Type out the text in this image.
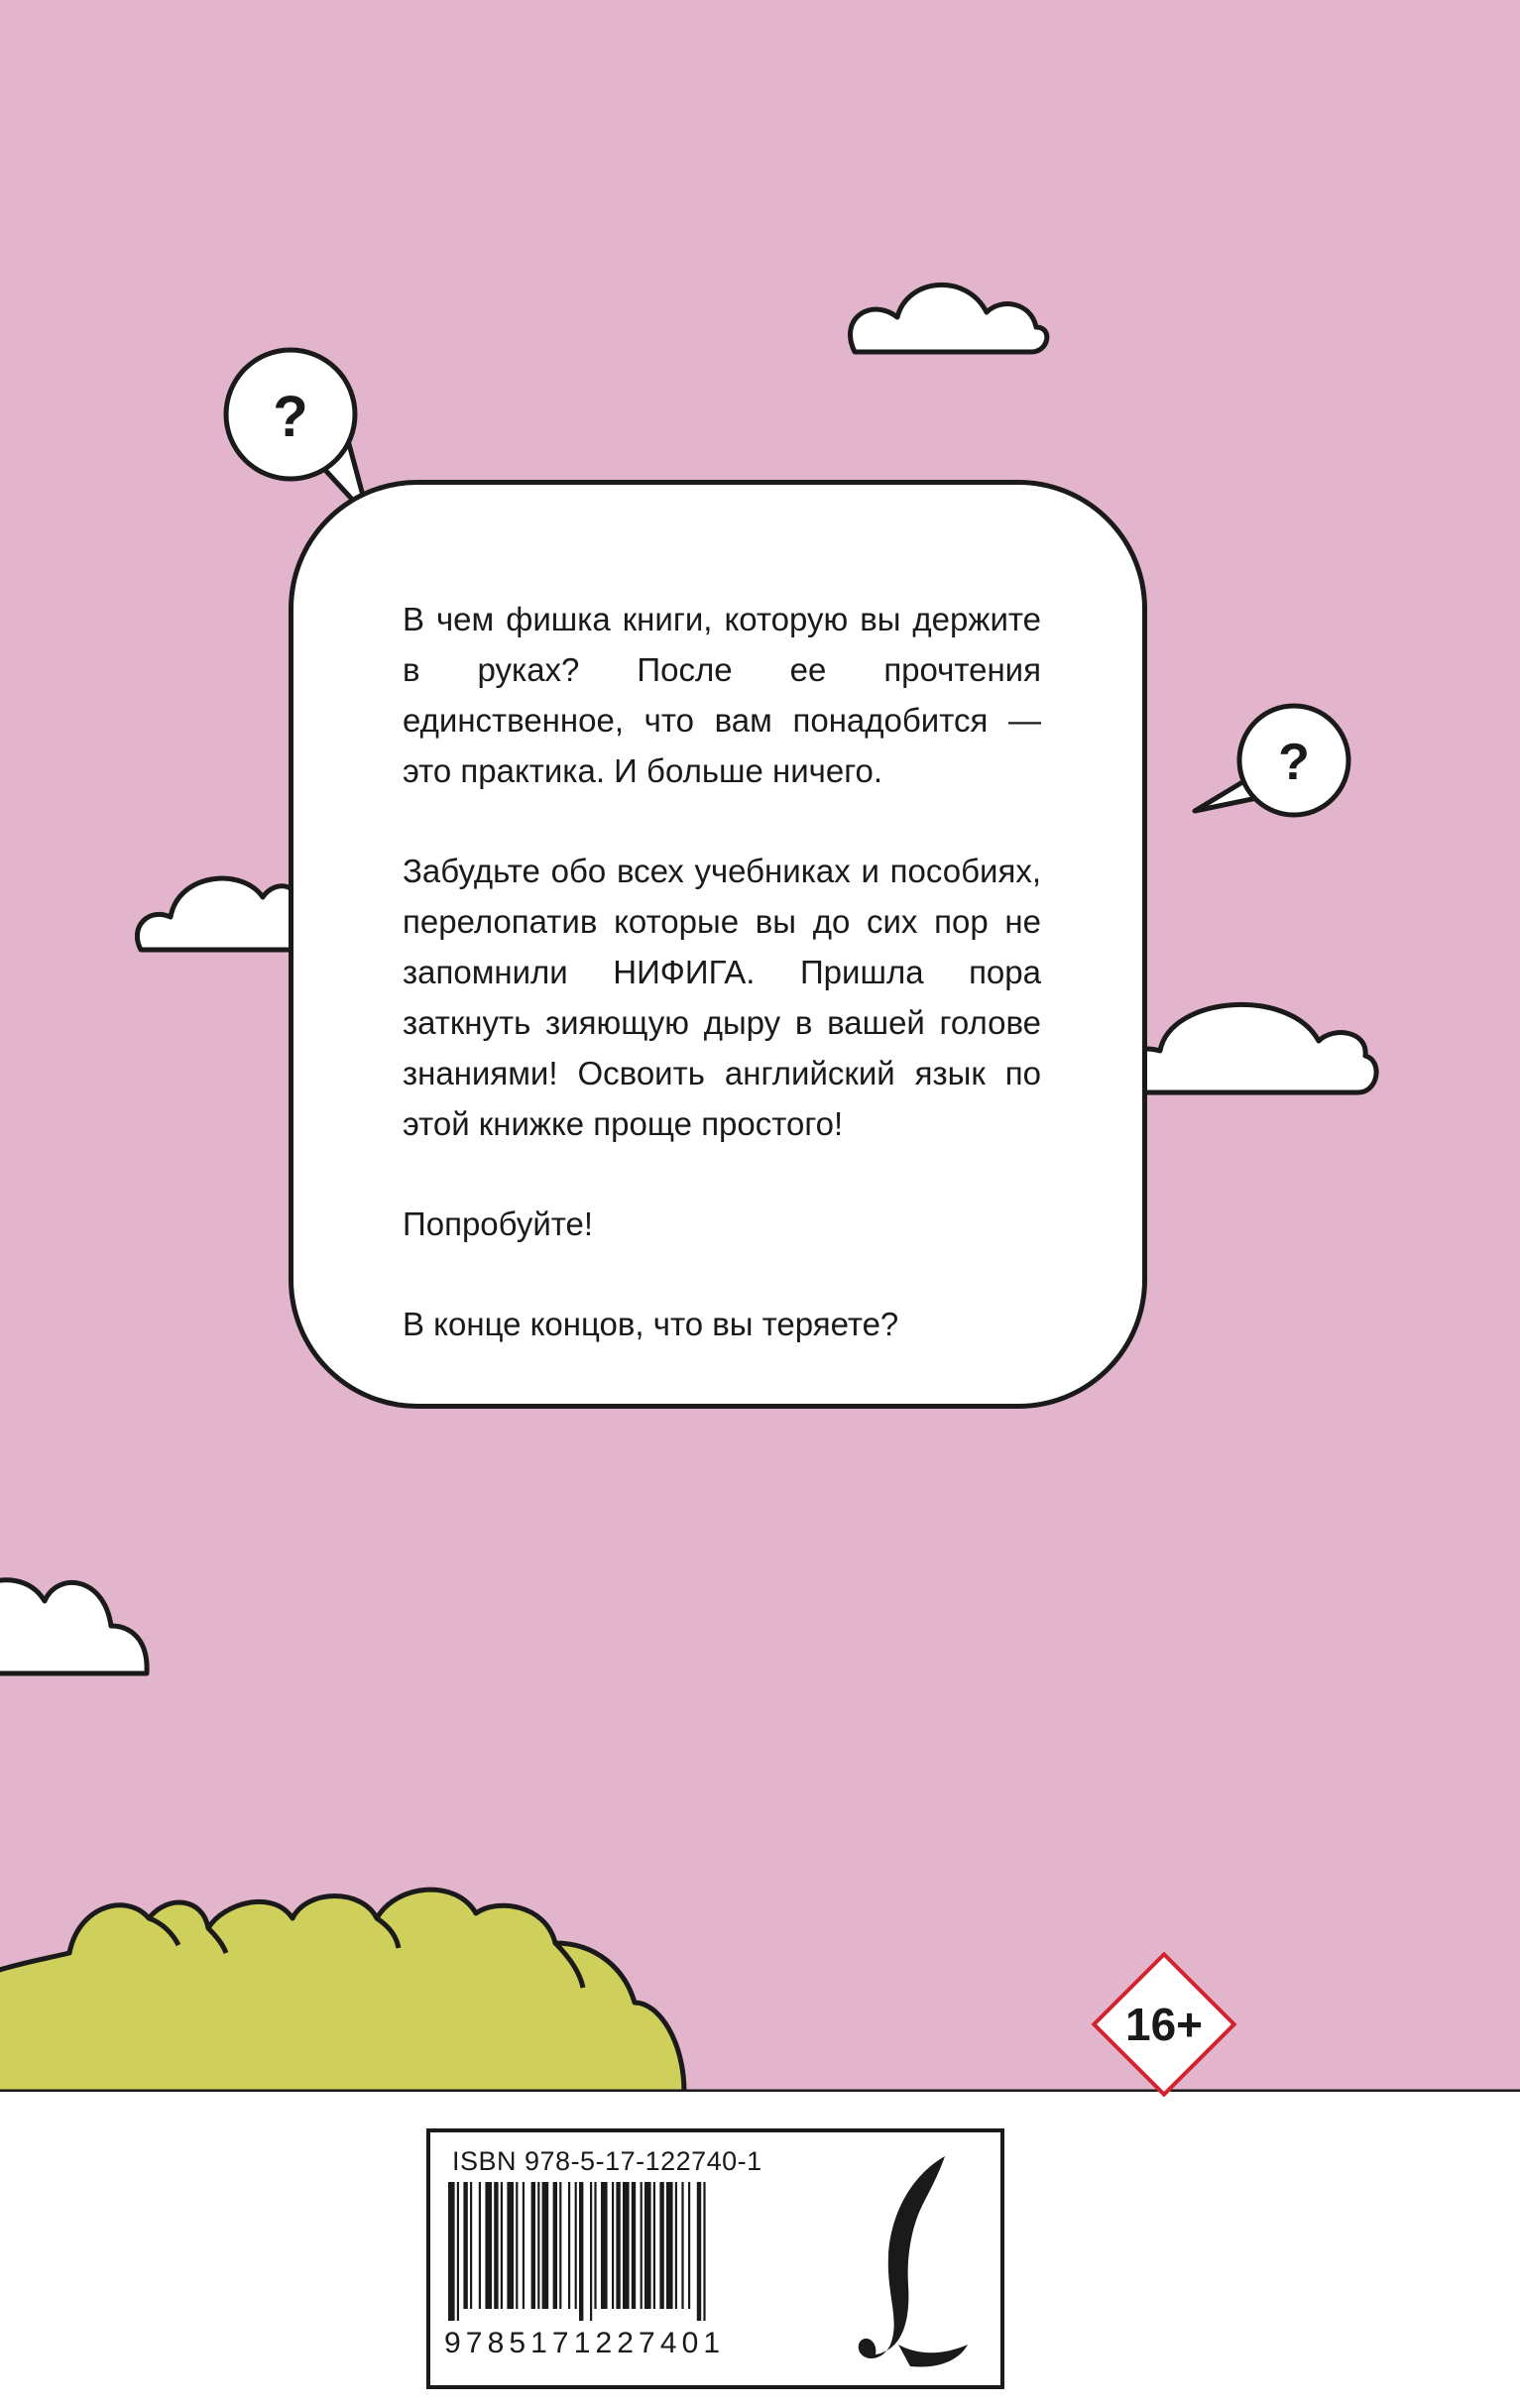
?
?

В чем фишка книги, которую вы держите в руках? После ее прочтения единственное, что вам понадобится — это практика. И больше ничего.

Забудьте обо всех учебниках и пособиях, перелопатив которые вы до сих пор не запомнили НИФИГА. Пришла пора заткнуть зияющую дыру в вашей голове знаниями! Освоить английский язык по этой книжке проще простого!

Попробуйте!

В конце концов, что вы теряете?

16+
ISBN 978-5-17-122740-1
9785171227401
